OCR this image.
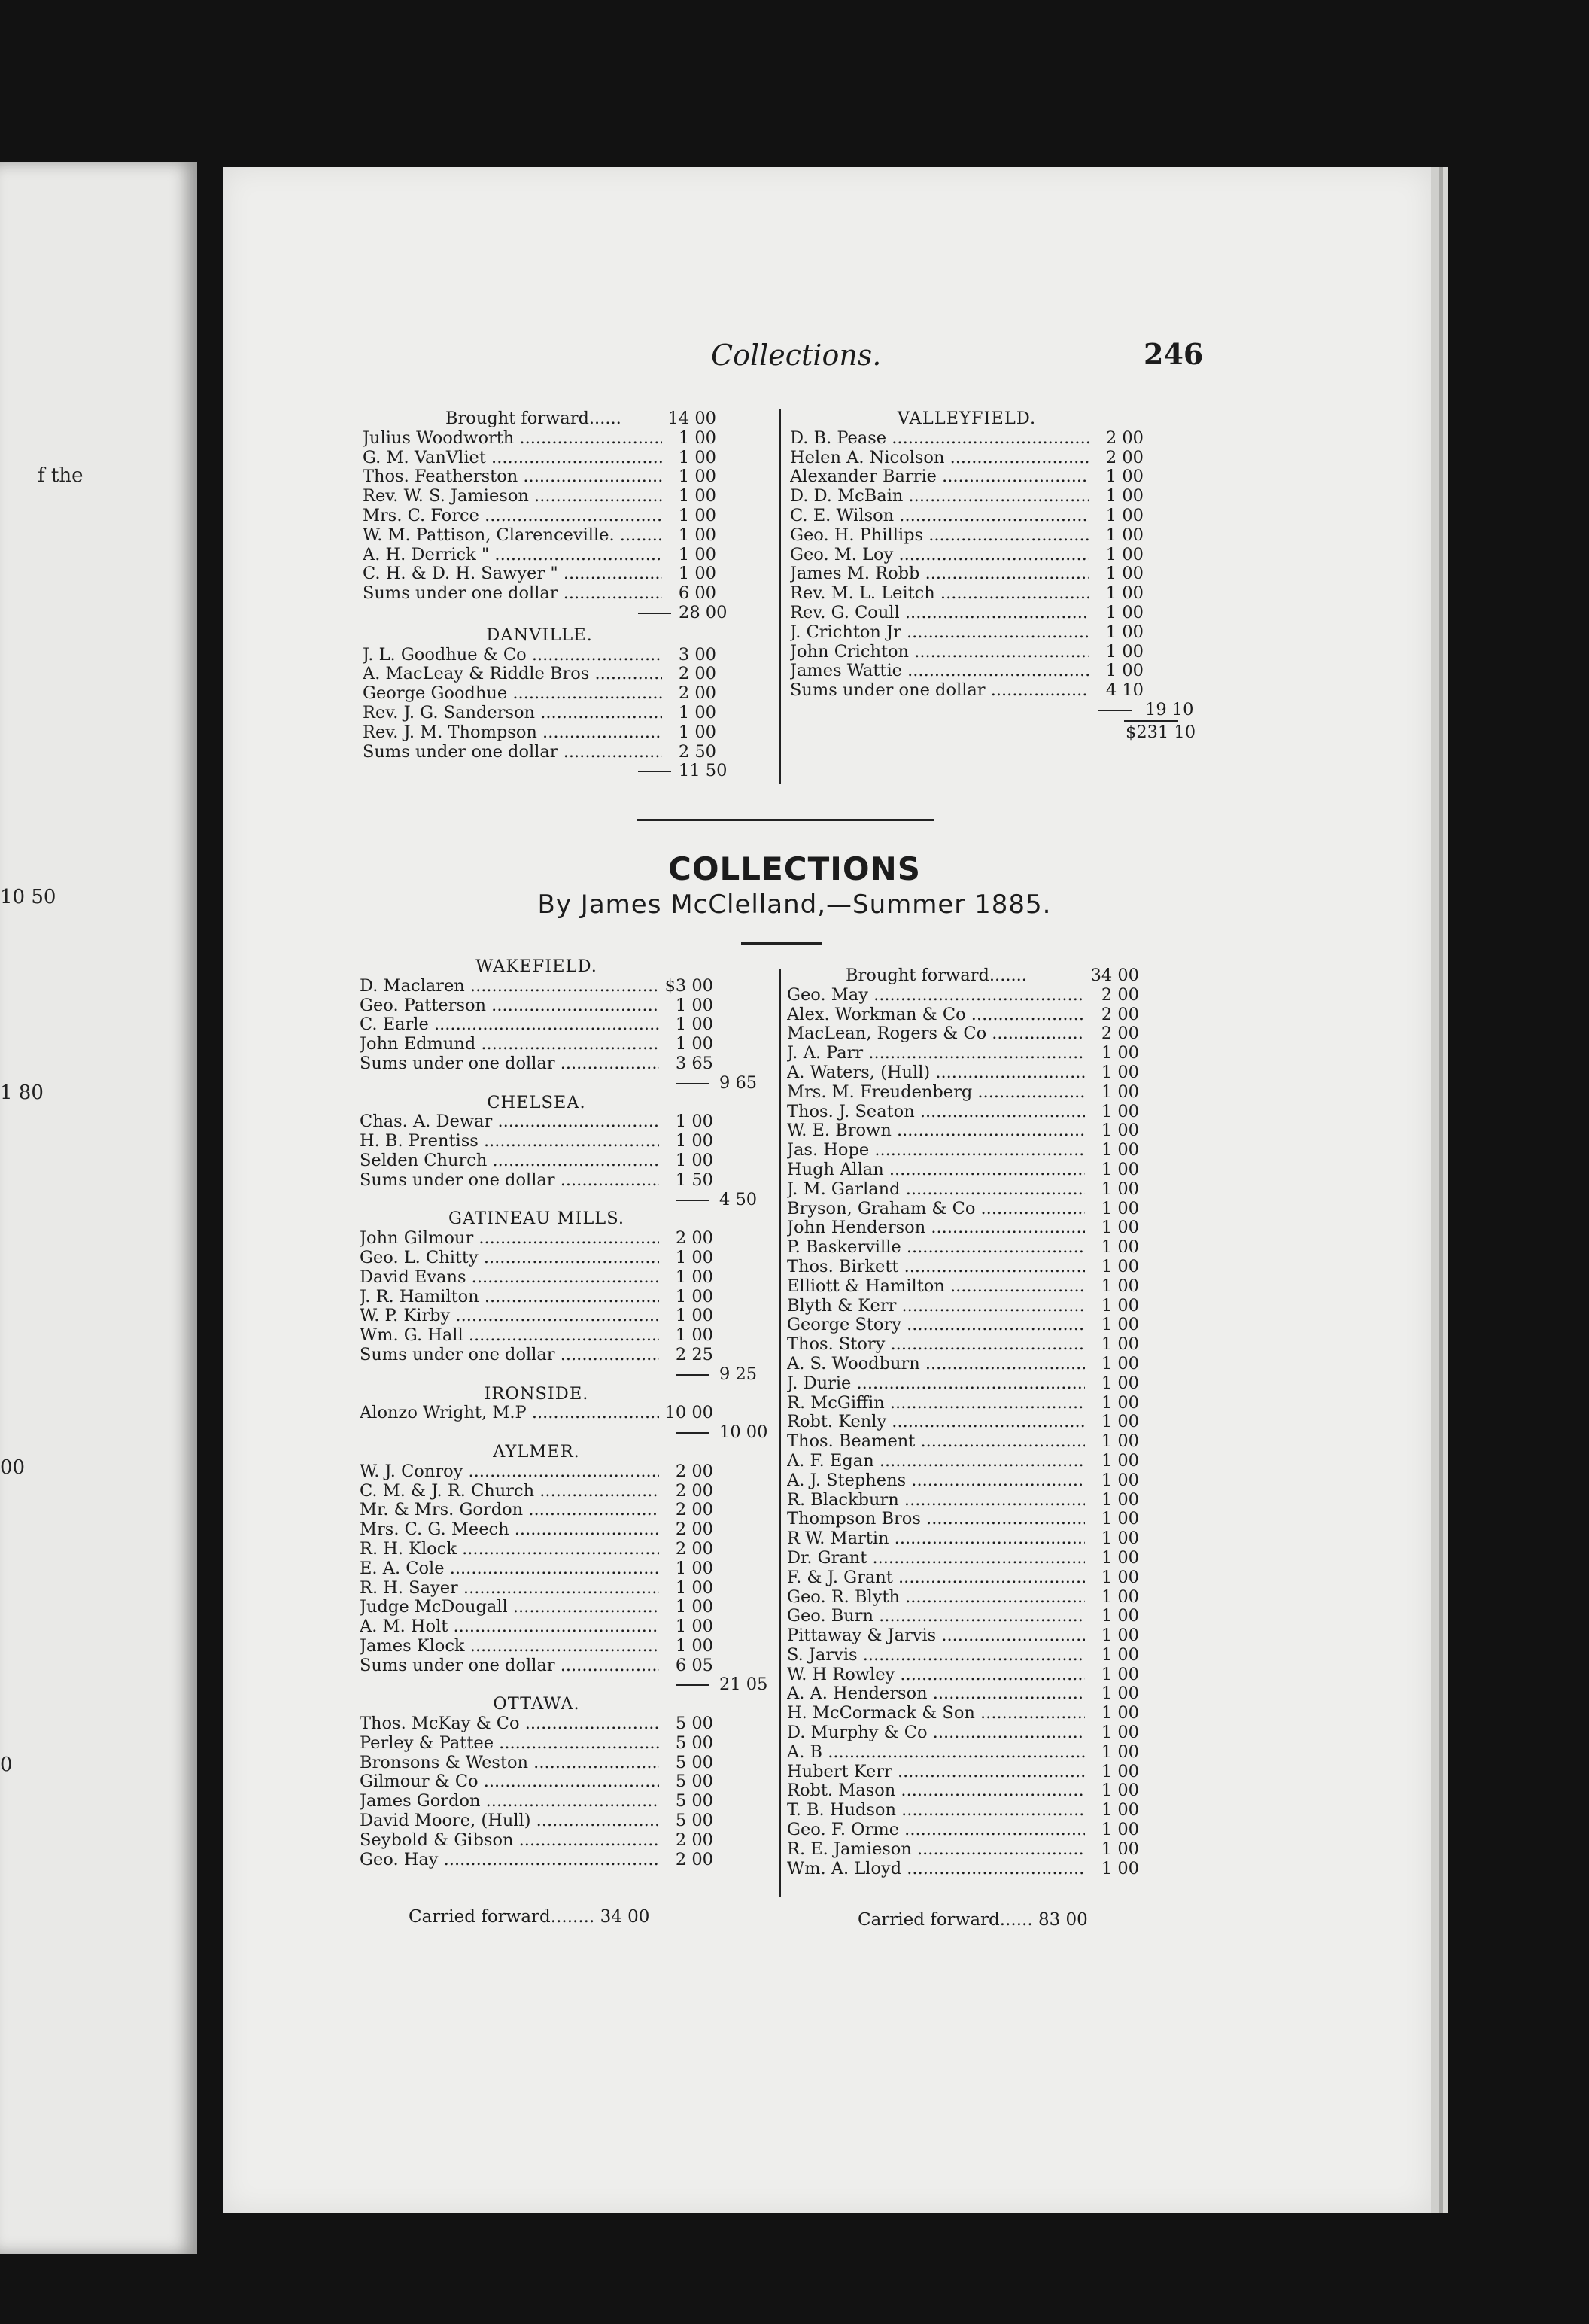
f the
10 50
1 80
00
0
Collections.	246
Brought forward......	14 00
Julius Woodworth .....	1 00
G. M. VanVliet .....	1 00
Thos. Featherston .....	1 00
Rev. W. S. Jamieson .....	1 00
Mrs. C. Force .....	1 00
W. M. Pattison, Clarenceville. .....	1 00
A. H. Derrick " .....	1 00
C. H. & D. H. Sawyer " .....	1 00
Sums under one dollar .....	6 00
28 00
DANVILLE.
J. L. Goodhue & Co .....	3 00
A. MacLeay & Riddle Bros .....	2 00
George Goodhue .....	2 00
Rev. J. G. Sanderson .....	1 00
Rev. J. M. Thompson .....	1 00
Sums under one dollar .....	2 50
11 50
VALLEYFIELD.
D. B. Pease .....	2 00
Helen A. Nicolson .....	2 00
Alexander Barrie .....	1 00
D. D. McBain .....	1 00
C. E. Wilson .....	1 00
Geo. H. Phillips .....	1 00
Geo. M. Loy .....	1 00
James M. Robb .....	1 00
Rev. M. L. Leitch .....	1 00
Rev. G. Coull .....	1 00
J. Crichton Jr .....	1 00
John Crichton .....	1 00
James Wattie .....	1 00
Sums under one dollar .....	4 10
19 10
$231 10
COLLECTIONS
By James McClelland,—Summer 1885.
WAKEFIELD.
D. Maclaren .....	$3 00
Geo. Patterson .....	1 00
C. Earle .....	1 00
John Edmund .....	1 00
Sums under one dollar .....	3 65
9 65
CHELSEA.
Chas. A. Dewar .....	1 00
H. B. Prentiss .....	1 00
Selden Church .....	1 00
Sums under one dollar .....	1 50
4 50
GATINEAU MILLS.
John Gilmour .....	2 00
Geo. L. Chitty .....	1 00
David Evans .....	1 00
J. R. Hamilton .....	1 00
W. P. Kirby .....	1 00
Wm. G. Hall .....	1 00
Sums under one dollar .....	2 25
9 25
IRONSIDE.
Alonzo Wright, M.P .....	10 00
10 00
AYLMER.
W. J. Conroy .....	2 00
C. M. & J. R. Church .....	2 00
Mr. & Mrs. Gordon .....	2 00
Mrs. C. G. Meech .....	2 00
R. H. Klock .....	2 00
E. A. Cole .....	1 00
R. H. Sayer .....	1 00
Judge McDougall .....	1 00
A. M. Holt .....	1 00
James Klock .....	1 00
Sums under one dollar .....	6 05
21 05
OTTAWA.
Thos. McKay & Co .....	5 00
Perley & Pattee .....	5 00
Bronsons & Weston .....	5 00
Gilmour & Co .....	5 00
James Gordon .....	5 00
David Moore, (Hull) .....	5 00
Seybold & Gibson .....	2 00
Geo. Hay .....	2 00
Brought forward.......	34 00
Geo. May .....	2 00
Alex. Workman & Co .....	2 00
MacLean, Rogers & Co .....	2 00
J. A. Parr .....	1 00
A. Waters, (Hull) .....	1 00
Mrs. M. Freudenberg .....	1 00
Thos. J. Seaton .....	1 00
W. E. Brown .....	1 00
Jas. Hope .....	1 00
Hugh Allan .....	1 00
J. M. Garland .....	1 00
Bryson, Graham & Co .....	1 00
John Henderson .....	1 00
P. Baskerville .....	1 00
Thos. Birkett .....	1 00
Elliott & Hamilton .....	1 00
Blyth & Kerr .....	1 00
George Story .....	1 00
Thos. Story .....	1 00
A. S. Woodburn .....	1 00
J. Durie .....	1 00
R. McGiffin .....	1 00
Robt. Kenly .....	1 00
Thos. Beament .....	1 00
A. F. Egan .....	1 00
A. J. Stephens .....	1 00
R. Blackburn .....	1 00
Thompson Bros .....	1 00
R W. Martin .....	1 00
Dr. Grant .....	1 00
F. & J. Grant .....	1 00
Geo. R. Blyth .....	1 00
Geo. Burn .....	1 00
Pittaway & Jarvis .....	1 00
S. Jarvis .....	1 00
W. H Rowley .....	1 00
A. A. Henderson .....	1 00
H. McCormack & Son .....	1 00
D. Murphy & Co .....	1 00
A. B .....	1 00
Hubert Kerr .....	1 00
Robt. Mason .....	1 00
T. B. Hudson .....	1 00
Geo. F. Orme .....	1 00
R. E. Jamieson .....	1 00
Wm. A. Lloyd .....	1 00
Carried forward........ 34 00	Carried forward...... 83 00
